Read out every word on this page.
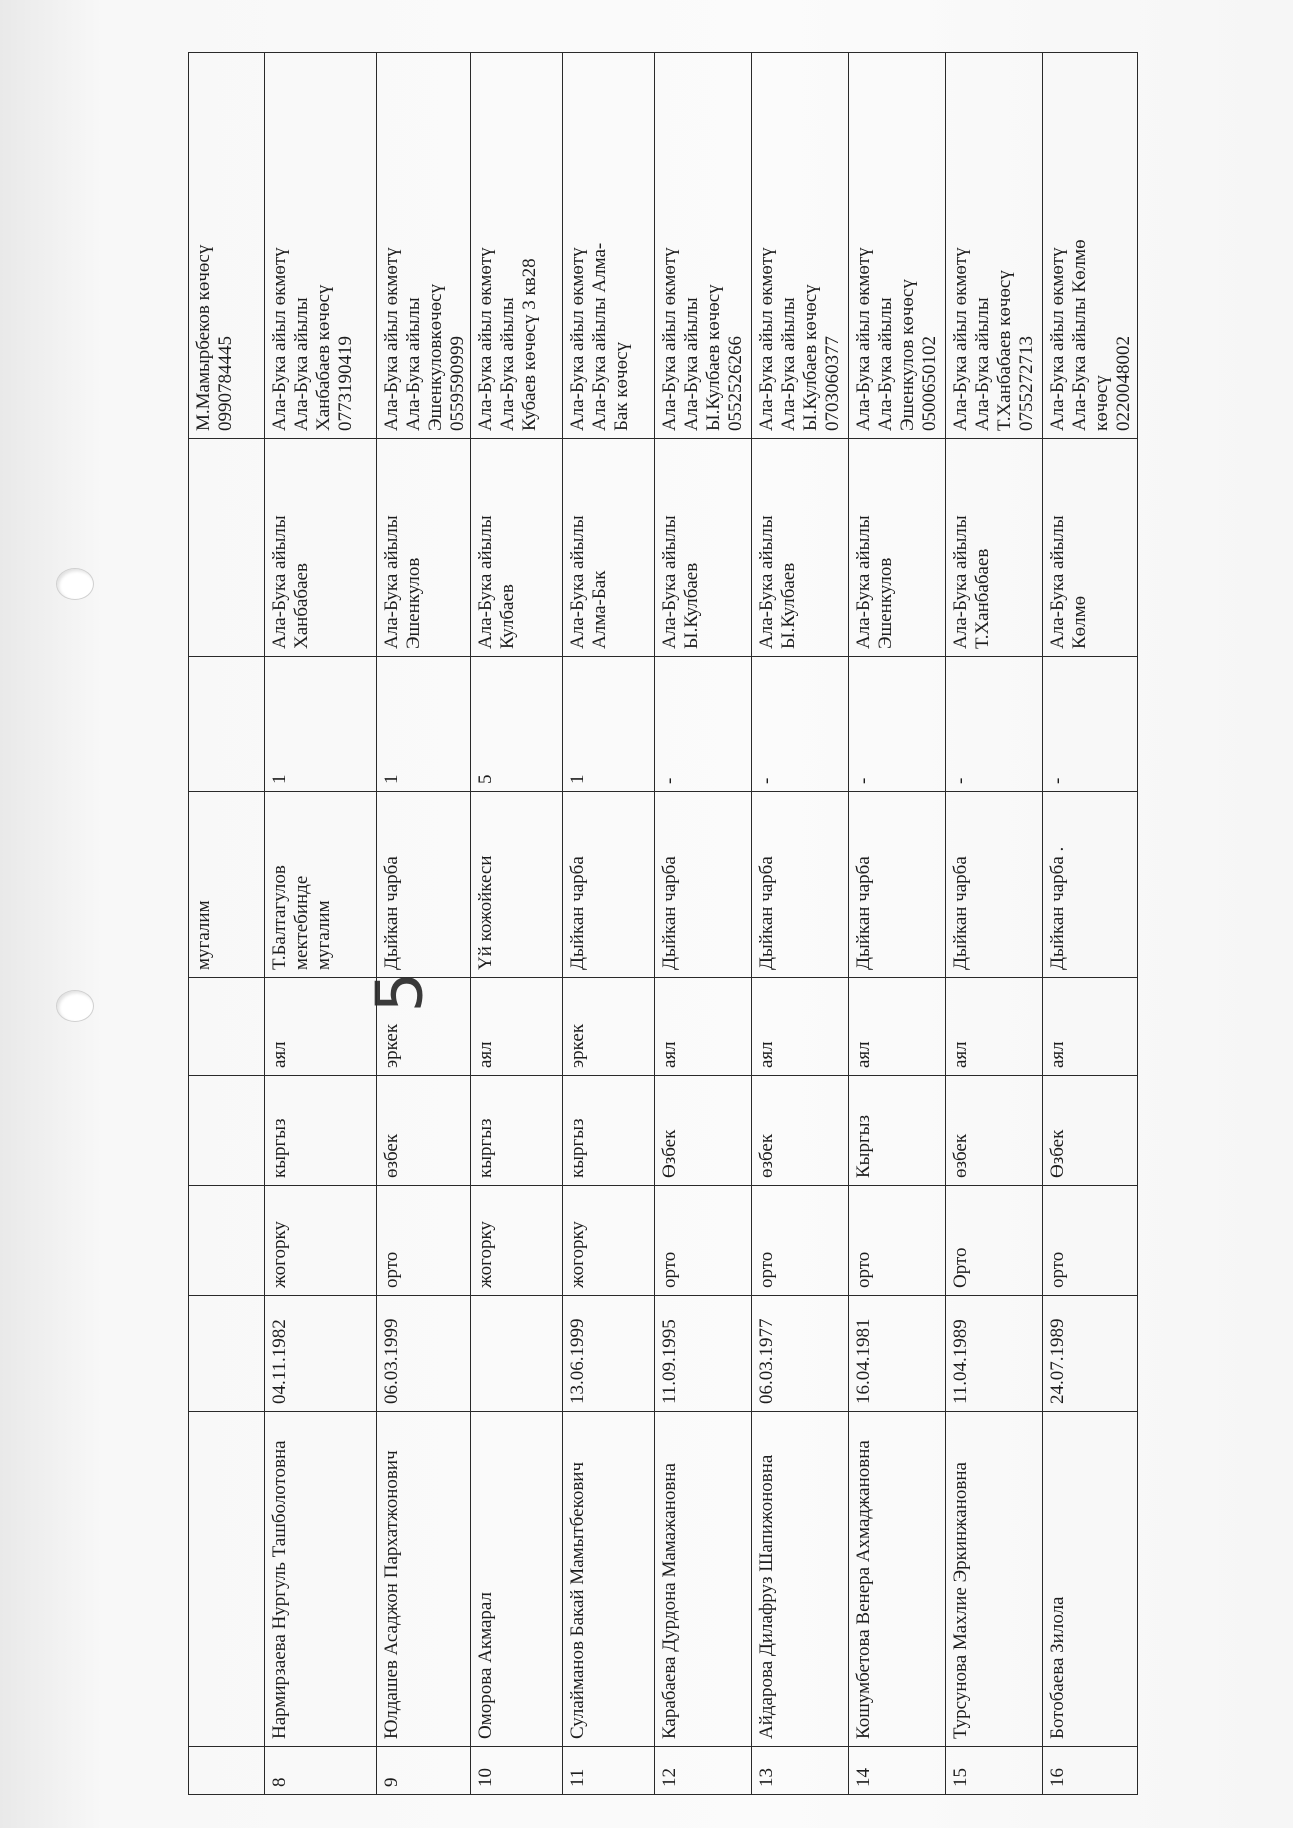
5
						мугалим			М.Мамырбеков көчөсү 0990784445

8	Нармирзаева Нургуль Ташболотовна	04.11.1982	жогорку	кыргыз	аял	Т.Балтагулов мектебинде мугалим	1	Ала-Бука айылы Ханбабаев	Ала-Бука айыл өкмөтү Ала-Бука айылы Ханбабаев көчөсү 0773190419

9	Юлдашев Асаджон Пархатжонович	06.03.1999	орто	өзбек	эркек	Дыйкан чарба	1	Ала-Бука айылы Эшенкулов	Ала-Бука айыл өкмөтү Ала-Бука айылы Эшенкуловкөчөсү 0559590999

10	Оморова Акмарал		жогорку	кыргыз	аял	Үй кожойкеси	5	Ала-Бука айылы Кулбаев	Ала-Бука айыл өкмөтү Ала-Бука айылы Кубаев көчөсү 3 кв28

11	Сулайманов Бакай Мамытбекович	13.06.1999	жогорку	кыргыз	эркек	Дыйкан чарба	1	Ала-Бука айылы Алма-Бак	Ала-Бука айыл өкмөтү Ала-Бука айылы Алма- Бак көчөсү

12	Карабаева Дурдона Мамажановна	11.09.1995	орто	Өзбек	аял	Дыйкан чарба	-	Ала-Бука айылы Ы.Кулбаев	Ала-Бука айыл өкмөтү Ала-Бука айылы Ы.Кулбаев көчөсү 0552526266

13	Айдарова Дилафруз Шапижоновна	06.03.1977	орто	өзбек	аял	Дыйкан чарба	-	Ала-Бука айылы Ы.Кулбаев	Ала-Бука айыл өкмөтү Ала-Бука айылы Ы.Кулбаев көчөсү 0703060377

14	Кошумбетова Венера Ахмаджановна	16.04.1981	орто	Кыргыз	аял	Дыйкан чарба	-	Ала-Бука айылы Эшенкулов	Ала-Бука айыл өкмөтү Ала-Бука айылы Эшенкулов көчөсү 0500650102

15	Турсунова Махлие Эркинжановна	11.04.1989	Орто	өзбек	аял	Дыйкан чарба	-	Ала-Бука айылы Т.Ханбабаев	Ала-Бука айыл өкмөтү Ала-Бука айылы Т.Ханбабаев көчөсү 0755272713

16	Ботобаева Зилола	24.07.1989	орто	Өзбек	аял	Дыйкан чарба .	-	Ала-Бука айылы Көлмө	Ала-Бука айыл өкмөтү Ала-Бука айылы Көлмө көчөсү 0220048002
